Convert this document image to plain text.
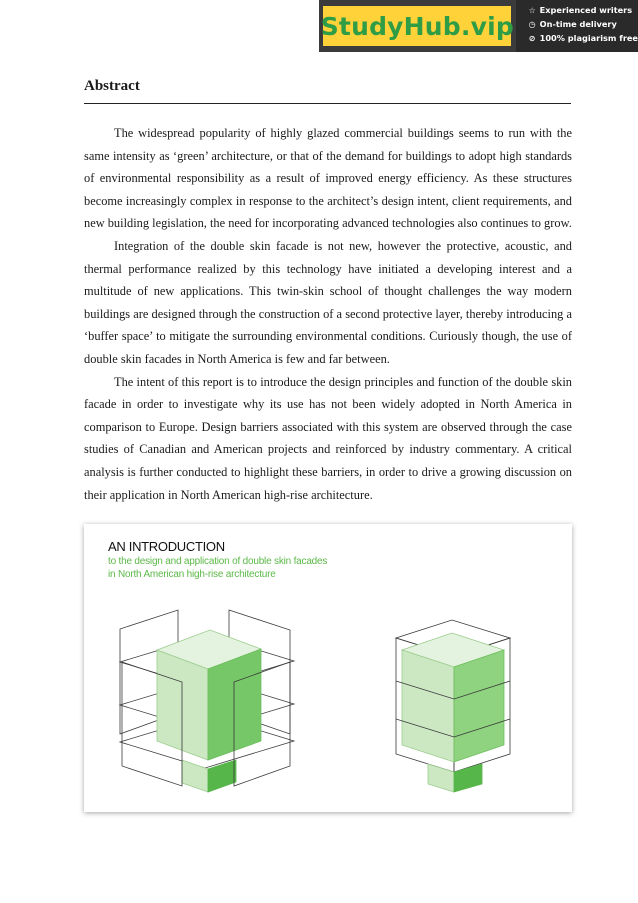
StudyHub.vip
☆ Experienced writers
◷ On-time delivery
⊘ 100% plagiarism free
Abstract

The widespread popularity of highly glazed commercial buildings seems to run with the same intensity as ‘green’ architecture, or that of the demand for buildings to adopt high standards of environmental responsibility as a result of improved energy efficiency. As these structures become increasingly complex in response to the architect’s design intent, client requirements, and new building legislation, the need for incorporating advanced technologies also continues to grow.

Integration of the double skin facade is not new, however the protective, acoustic, and thermal performance realized by this technology have initiated a developing interest and a multitude of new applications. This twin-skin school of thought challenges the way modern buildings are designed through the construction of a second protective layer, thereby introducing a ‘buffer space’ to mitigate the surrounding environmental conditions. Curiously though, the use of double skin facades in North America is few and far between.

The intent of this report is to introduce the design principles and function of the double skin facade in order to investigate why its use has not been widely adopted in North America in comparison to Europe. Design barriers associated with this system are observed through the case studies of Canadian and American projects and reinforced by industry commentary. A critical analysis is further conducted to highlight these barriers, in order to drive a growing discussion on their application in North American high-rise architecture.

AN INTRODUCTION
to the design and application of double skin facades
in North American high-rise architecture
